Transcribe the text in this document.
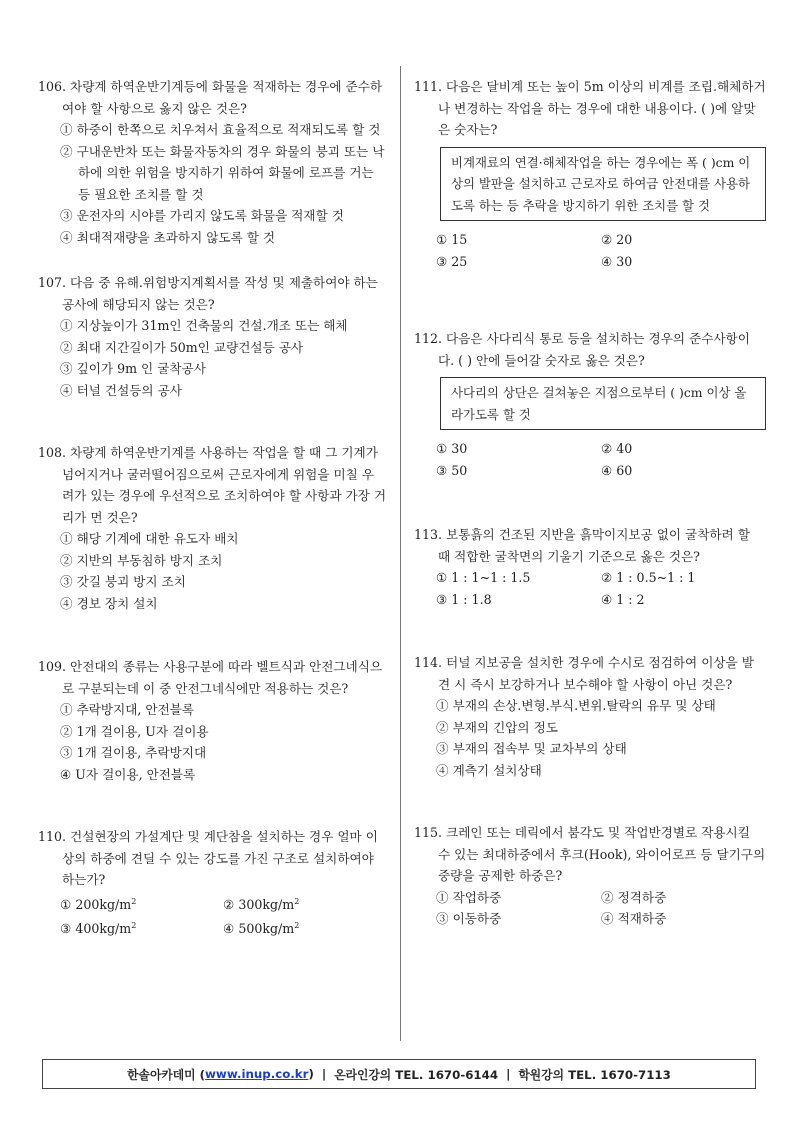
106. 차량계 하역운반기계등에 화물을 적재하는 경우에 준수하여야 할 사항으로 옳지 않은 것은?

① 하중이 한쪽으로 치우쳐서 효율적으로 적재되도록 할 것

② 구내운반차 또는 화물자동차의 경우 화물의 붕괴 또는 낙하에 의한 위험을 방지하기 위하여 화물에 로프를 거는 등 필요한 조치를 할 것

③ 운전자의 시야를 가리지 않도록 화물을 적재할 것

④ 최대적재량을 초과하지 않도록 할 것

107. 다음 중 유해.위험방지계획서를 작성 및 제출하여야 하는 공사에 해당되지 않는 것은?

① 지상높이가 31m인 건축물의 건설.개조 또는 해체

② 최대 지간길이가 50m인 교량건설등 공사

③ 깊이가 9m 인 굴착공사

④ 터널 건설등의 공사

108. 차량계 하역운반기계를 사용하는 작업을 할 때 그 기계가 넘어지거나 굴러떨어짐으로써 근로자에게 위험을 미칠 우려가 있는 경우에 우선적으로 조치하여야 할 사항과 가장 거리가 먼 것은?

① 해당 기계에 대한 유도자 배치

② 지반의 부동침하 방지 조치

③ 갓길 붕괴 방지 조치

④ 경보 장치 설치

109. 안전대의 종류는 사용구분에 따라 벨트식과 안전그네식으로 구분되는데 이 중 안전그네식에만 적용하는 것은?

① 추락방지대, 안전블록

② 1개 걸이용, U자 걸이용

③ 1개 걸이용, 추락방지대

④ U자 걸이용, 안전블록

110. 건설현장의 가설계단 및 계단참을 설치하는 경우 얼마 이상의 하중에 견딜 수 있는 강도를 가진 구조로 설치하여야 하는가?

① $200kg/m^2$	② $300kg/m^2$
③ $400kg/m^2$	④ $500kg/m^2$

111. 다음은 달비계 또는 높이 5m 이상의 비계를 조립.해체하거나 변경하는 작업을 하는 경우에 대한 내용이다. ( )에 알맞은 숫자는?

비계재료의 연결·해체작업을 하는 경우에는 폭 ( )cm 이상의 발판을 설치하고 근로자로 하여금 안전대를 사용하도록 하는 등 추락을 방지하기 위한 조치를 할 것
① 15	② 20
③ 25	④ 30

112. 다음은 사다리식 통로 등을 설치하는 경우의 준수사항이다. ( ) 안에 들어갈 숫자로 옳은 것은?

사다리의 상단은 걸쳐놓은 지점으로부터 ( )cm 이상 올라가도록 할 것
① 30	② 40
③ 50	④ 60

113. 보통흙의 건조된 지반을 흙막이지보공 없이 굴착하려 할 때 적합한 굴착면의 기울기 기준으로 옳은 것은?

① 1 : 1~1 : 1.5	② 1 : 0.5~1 : 1
③ 1 : 1.8	④ 1 : 2

114. 터널 지보공을 설치한 경우에 수시로 점검하여 이상을 발견 시 즉시 보강하거나 보수해야 할 사항이 아닌 것은?

① 부재의 손상.변형.부식.변위.탈락의 유무 및 상태

② 부재의 긴압의 정도

③ 부재의 접속부 및 교차부의 상태

④ 계측기 설치상태

115. 크레인 또는 데릭에서 붐각도 및 작업반경별로 작용시킬 수 있는 최대하중에서 후크(Hook), 와이어로프 등 달기구의 중량을 공제한 하중은?

① 작업하중	② 정격하중
③ 이동하중	④ 적재하중
한솔아카데미 ( www.inup.co.kr ) | 온라인강의 TEL. 1670-6144 | 학원강의 TEL. 1670-7113
